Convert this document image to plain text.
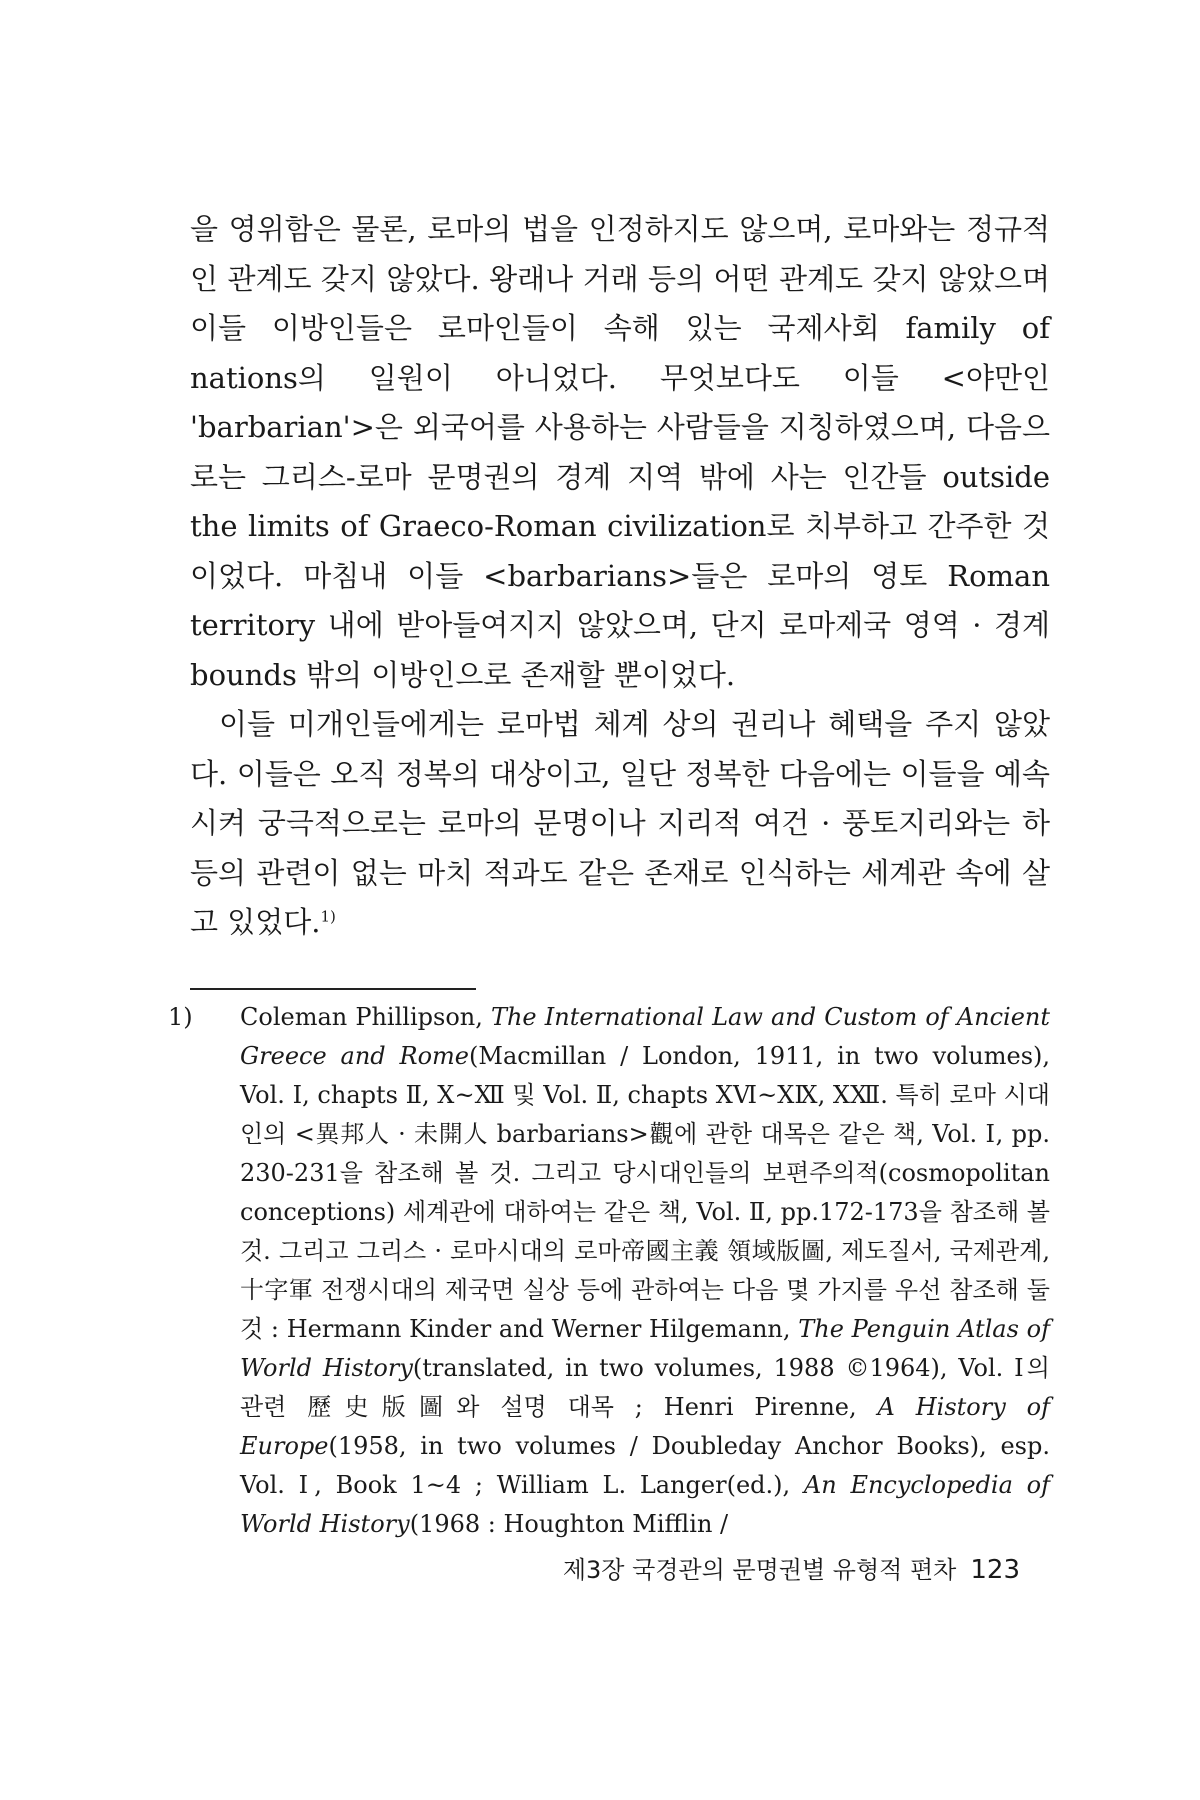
을 영위함은 물론, 로마의 법을 인정하지도 않으며, 로마와는 정규적인 관계도 갖지 않았다. 왕래나 거래 등의 어떤 관계도 갖지 않았으며 이들 이방인들은 로마인들이 속해 있는 국제사회 family of nations의 일원이 아니었다. 무엇보다도 이들 <야만인 'barbarian'>은 외국어를 사용하는 사람들을 지칭하였으며, 다음으로는 그리스-로마 문명권의 경계 지역 밖에 사는 인간들 outside the limits of Graeco-Roman civilization로 치부하고 간주한 것이었다. 마침내 이들 <barbarians>들은 로마의 영토 Roman territory 내에 받아들여지지 않았으며, 단지 로마제국 영역 · 경계 bounds 밖의 이방인으로 존재할 뿐이었다.

이들 미개인들에게는 로마법 체계 상의 권리나 혜택을 주지 않았다. 이들은 오직 정복의 대상이고, 일단 정복한 다음에는 이들을 예속시켜 궁극적으로는 로마의 문명이나 지리적 여건 · 풍토지리와는 하등의 관련이 없는 마치 적과도 같은 존재로 인식하는 세계관 속에 살고 있었다.$^{1)}$

1) Coleman Phillipson, The International Law and Custom of Ancient Greece and Rome(Macmillan / London, 1911, in two volumes), Vol. Ⅰ, chapts Ⅱ, Ⅹ~Ⅻ 및 Vol. Ⅱ, chapts ⅩⅥ~ⅩⅨ, ⅩⅫ. 특히 로마 시대인의 <異邦人 · 未開人 barbarians>觀에 관한 대목은 같은 책, Vol. Ⅰ, pp. 230-231을 참조해 볼 것. 그리고 당시대인들의 보편주의적(cosmopolitan conceptions) 세계관에 대하여는 같은 책, Vol. Ⅱ, pp.172-173을 참조해 볼 것. 그리고 그리스 · 로마시대의 로마帝國主義 領域版圖, 제도질서, 국제관계, 十字軍 전쟁시대의 제국면 실상 등에 관하여는 다음 몇 가지를 우선 참조해 둘 것 : Hermann Kinder and Werner Hilgemann, The Penguin Atlas of World History(translated, in two volumes, 1988 ©1964), Vol. Ⅰ의 관련 歷史版圖와 설명 대목 ; Henri Pirenne, A History of Europe(1958, in two volumes / Doubleday Anchor Books), esp. Vol. Ⅰ, Book 1~4 ; William L. Langer(ed.), An Encyclopedia of World History(1968 : Houghton Mifflin /
제3장 국경관의 문명권별 유형적 편차 123
